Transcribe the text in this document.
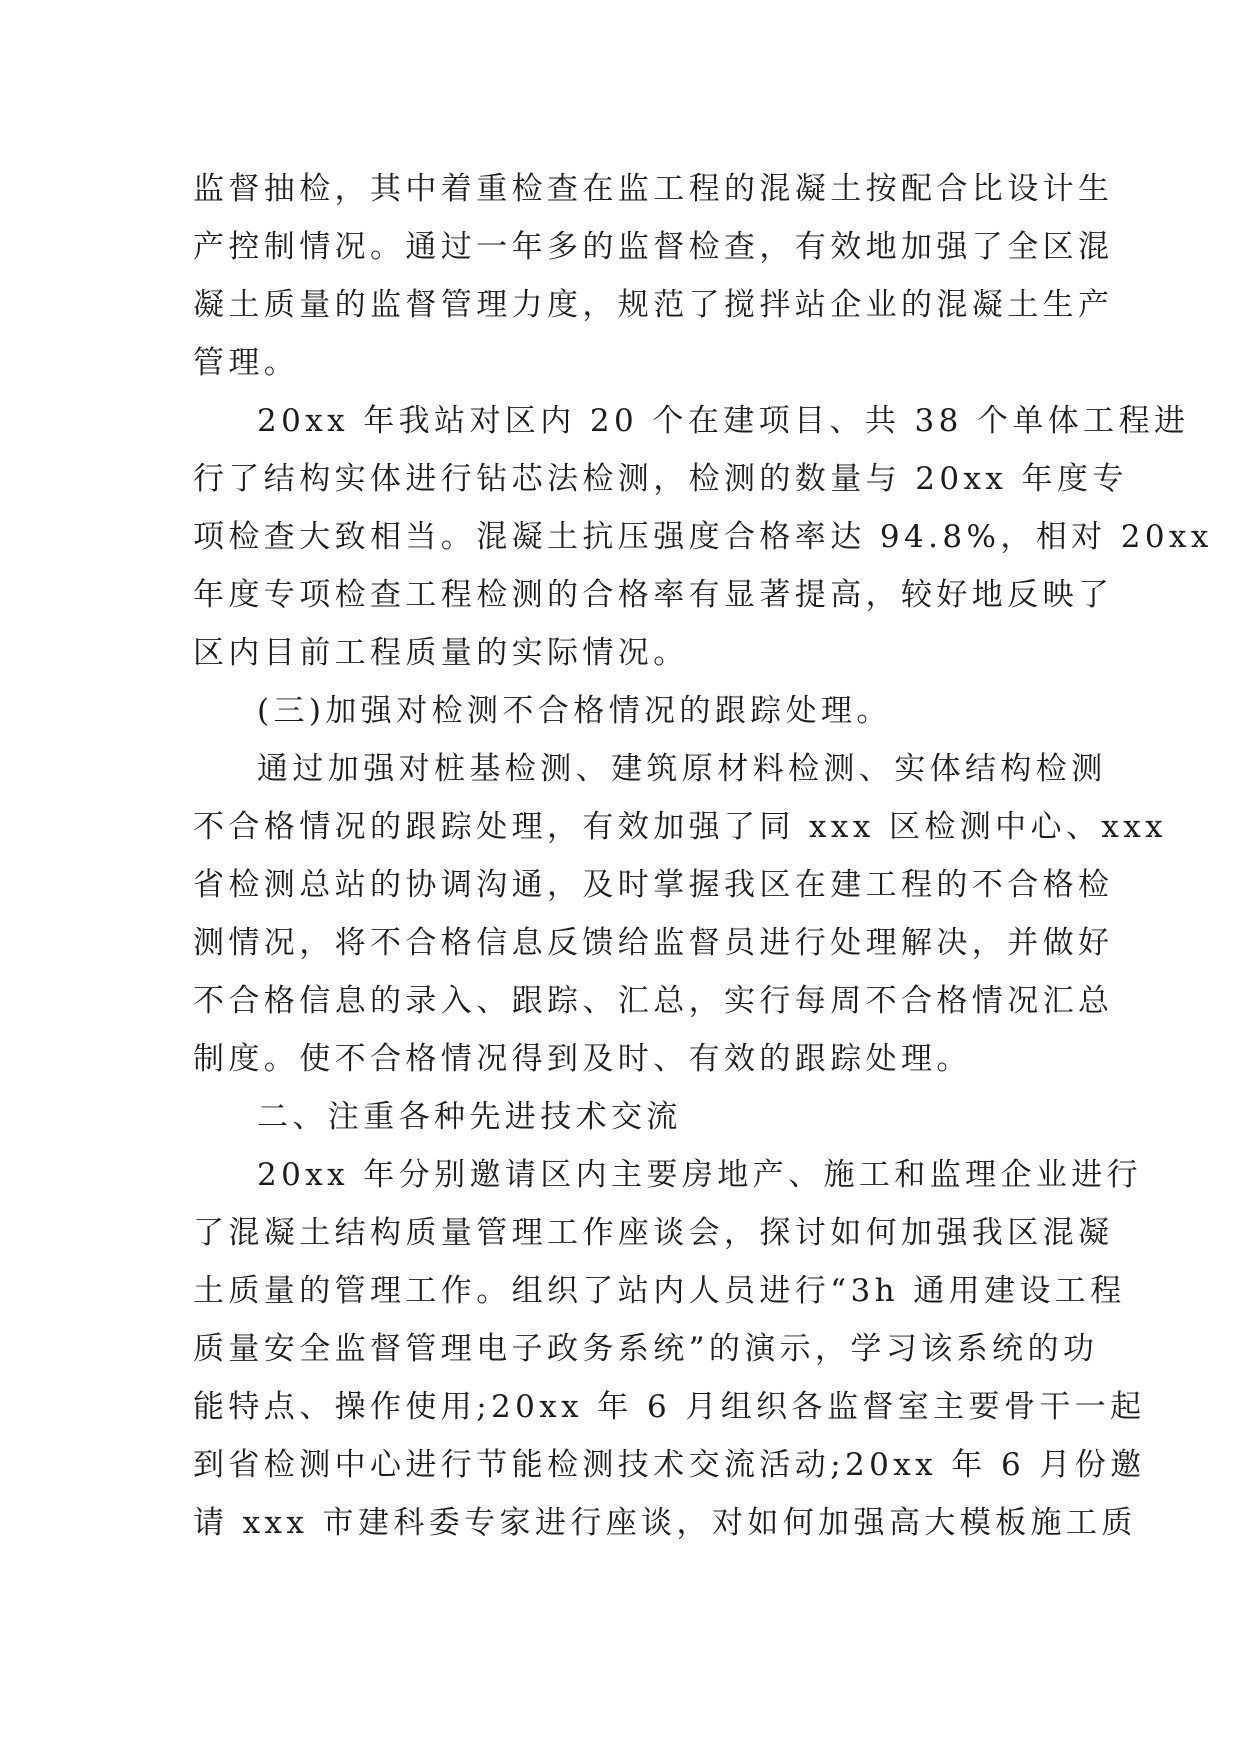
监督抽检，其中着重检查在监工程的混凝土按配合比设计生
产控制情况。通过一年多的监督检查，有效地加强了全区混
凝土质量的监督管理力度，规范了搅拌站企业的混凝土生产
管理。
20xx 年我站对区内 20 个在建项目、共 38 个单体工程进
行了结构实体进行钻芯法检测，检测的数量与 20xx 年度专
项检查大致相当。混凝土抗压强度合格率达 94.8%，相对 20xx
年度专项检查工程检测的合格率有显著提高，较好地反映了
区内目前工程质量的实际情况。
(三)加强对检测不合格情况的跟踪处理。
通过加强对桩基检测、建筑原材料检测、实体结构检测
不合格情况的跟踪处理，有效加强了同 xxx 区检测中心、xxx
省检测总站的协调沟通，及时掌握我区在建工程的不合格检
测情况，将不合格信息反馈给监督员进行处理解决，并做好
不合格信息的录入、跟踪、汇总，实行每周不合格情况汇总
制度。使不合格情况得到及时、有效的跟踪处理。
二、注重各种先进技术交流
20xx 年分别邀请区内主要房地产、施工和监理企业进行
了混凝土结构质量管理工作座谈会，探讨如何加强我区混凝
土质量的管理工作。组织了站内人员进行“3h 通用建设工程
质量安全监督管理电子政务系统”的演示，学习该系统的功
能特点、操作使用;20xx 年 6 月组织各监督室主要骨干一起
到省检测中心进行节能检测技术交流活动;20xx 年 6 月份邀
请 xxx 市建科委专家进行座谈，对如何加强高大模板施工质
